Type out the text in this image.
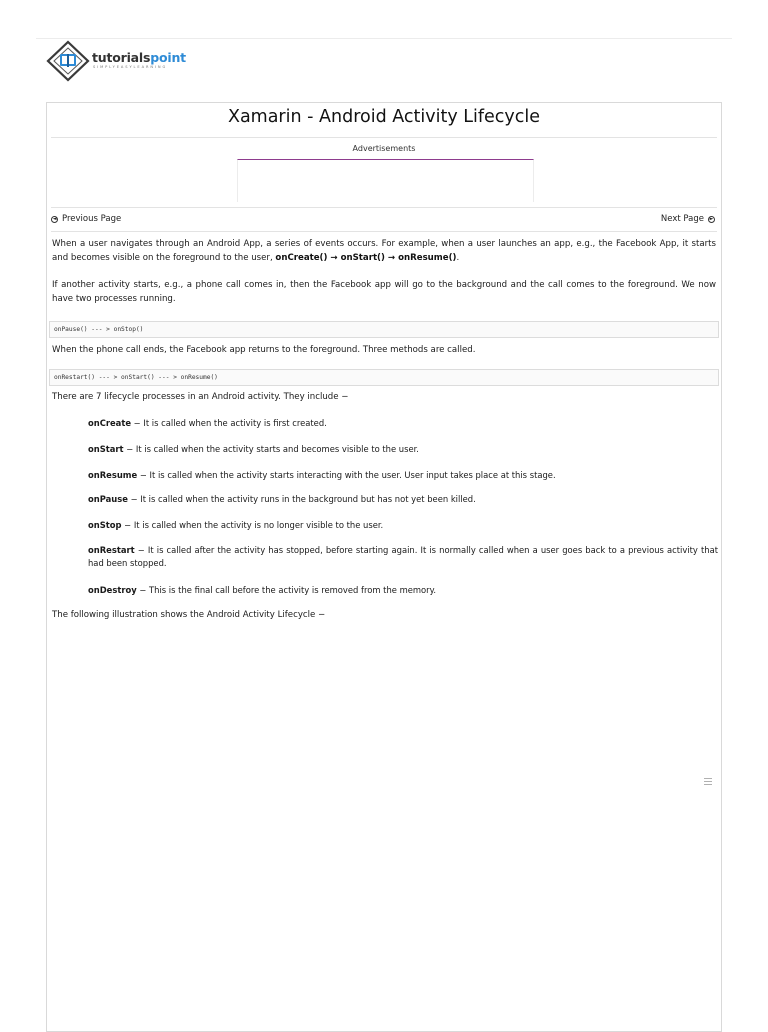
tutorialspoint
SIMPLYEASYLEARNING
Xamarin - Android Activity Lifecycle
Advertisements
◄ Previous Page	Next Page	►
When a user navigates through an Android App, a series of events occurs. For example, when a user launches an app, e.g., the Facebook App, it starts and becomes visible on the foreground to the user, onCreate() → onStart() → onResume().
If another activity starts, e.g., a phone call comes in, then the Facebook app will go to the background and the call comes to the foreground. We now have two processes running.
onPause() --- > onStop()
When the phone call ends, the Facebook app returns to the foreground. Three methods are called.
onRestart() --- > onStart() --- > onResume()
There are 7 lifecycle processes in an Android activity. They include −
onCreate − It is called when the activity is first created.
onStart − It is called when the activity starts and becomes visible to the user.
onResume − It is called when the activity starts interacting with the user. User input takes place at this stage.
onPause − It is called when the activity runs in the background but has not yet been killed.
onStop − It is called when the activity is no longer visible to the user.
onRestart − It is called after the activity has stopped, before starting again. It is normally called when a user goes back to a previous activity that had been stopped.
onDestroy − This is the final call before the activity is removed from the memory.
The following illustration shows the Android Activity Lifecycle −
